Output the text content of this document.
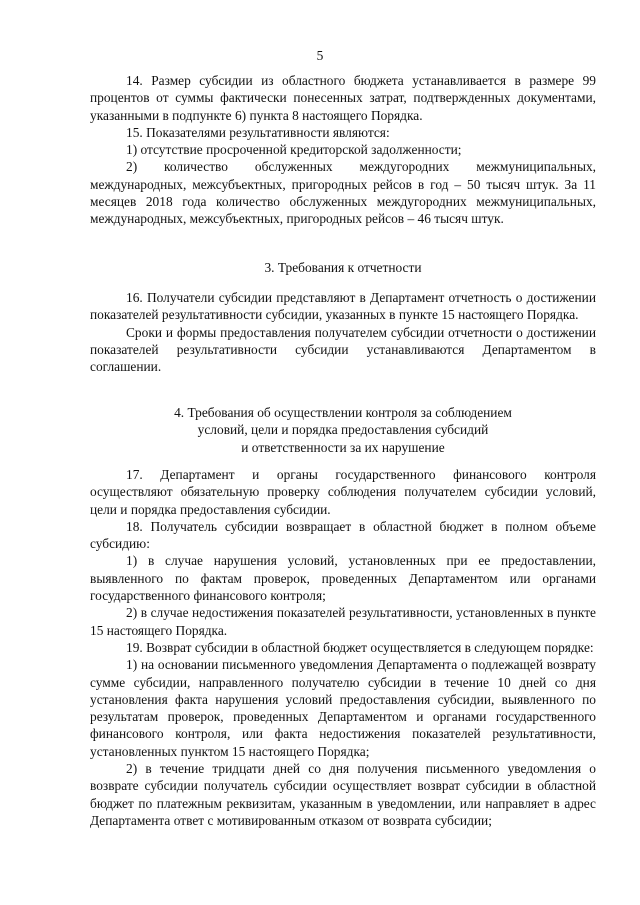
5

14. Размер субсидии из областного бюджета устанавливается в размере 99 процентов от суммы фактически понесенных затрат, подтвержденных документами, указанными в подпункте 6) пункта 8 настоящего Порядка.

15. Показателями результативности являются:

1) отсутствие просроченной кредиторской задолженности;

2) количество обслуженных междугородних межмуниципальных, международных, межсубъектных, пригородных рейсов в год – 50 тысяч штук. За 11 месяцев 2018 года количество обслуженных междугородних межмуниципальных, международных, межсубъектных, пригородных рейсов – 46 тысяч штук.

3. Требования к отчетности

16. Получатели субсидии представляют в Департамент отчетность о достижении показателей результативности субсидии, указанных в пункте 15 настоящего Порядка.

Сроки и формы предоставления получателем субсидии отчетности о достижении показателей результативности субсидии устанавливаются Департаментом в соглашении.

4. Требования об осуществлении контроля за соблюдением
условий, цели и порядка предоставления субсидий
и ответственности за их нарушение

17. Департамент и органы государственного финансового контроля осуществляют обязательную проверку соблюдения получателем субсидии условий, цели и порядка предоставления субсидии.

18. Получатель субсидии возвращает в областной бюджет в полном объеме субсидию:

1) в случае нарушения условий, установленных при ее предоставлении, выявленного по фактам проверок, проведенных Департаментом или органами государственного финансового контроля;

2) в случае недостижения показателей результативности, установленных в пункте 15 настоящего Порядка.

19. Возврат субсидии в областной бюджет осуществляется в следующем порядке:

1) на основании письменного уведомления Департамента о подлежащей возврату сумме субсидии, направленного получателю субсидии в течение 10 дней со дня установления факта нарушения условий предоставления субсидии, выявленного по результатам проверок, проведенных Департаментом и органами государственного финансового контроля, или факта недостижения показателей результативности, установленных пунктом 15 настоящего Порядка;

2) в течение тридцати дней со дня получения письменного уведомления о возврате субсидии получатель субсидии осуществляет возврат субсидии в областной бюджет по платежным реквизитам, указанным в уведомлении, или направляет в адрес Департамента ответ с мотивированным отказом от возврата субсидии;
